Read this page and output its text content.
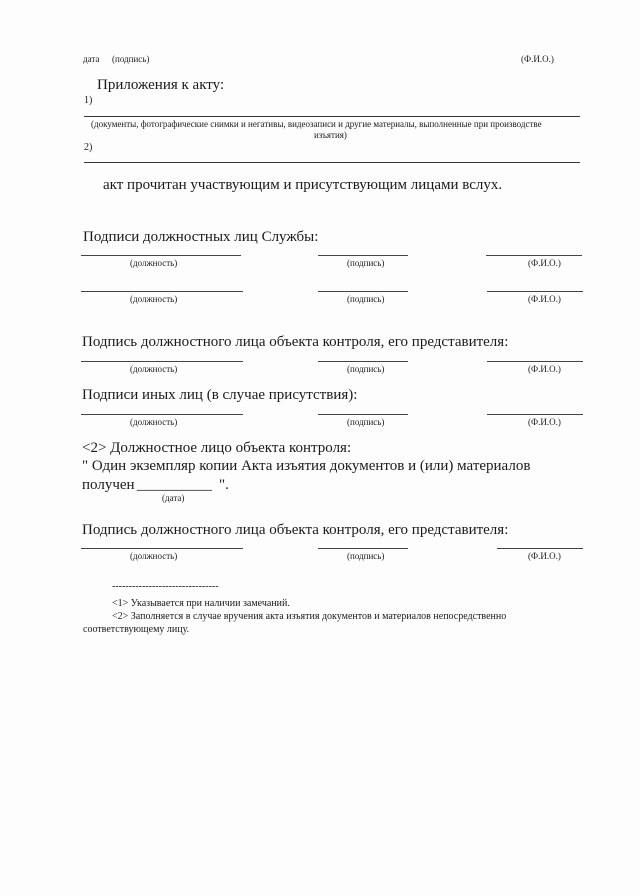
дата (подпись)	(Ф.И.О.)
Приложения к акту:
1)
(документы, фотографические снимки и негативы, видеозаписи и другие материалы, выполненные при производстве
изъятия)
2)
акт прочитан участвующим и присутствующим лицами вслух.
Подписи должностных лиц Службы:
(должность)	(подпись)	(Ф.И.О.)
(должность)	(подпись)	(Ф.И.О.)
Подпись должностного лица объекта контроля, его представителя:
(должность)	(подпись)	(Ф.И.О.)
Подписи иных лиц (в случае присутствия):
(должность)	(подпись)	(Ф.И.О.)
<2> Должностное лицо объекта контроля:
" Один экземпляр копии Акта изъятия документов и (или) материалов
получен __________ ".
(дата)
Подпись должностного лица объекта контроля, его представителя:
(должность)	(подпись)	(Ф.И.О.)
--------------------------------
<1> Указывается при наличии замечаний.
<2> Заполняется в случае вручения акта изъятия документов и материалов непосредственно
соответствующему лицу.
